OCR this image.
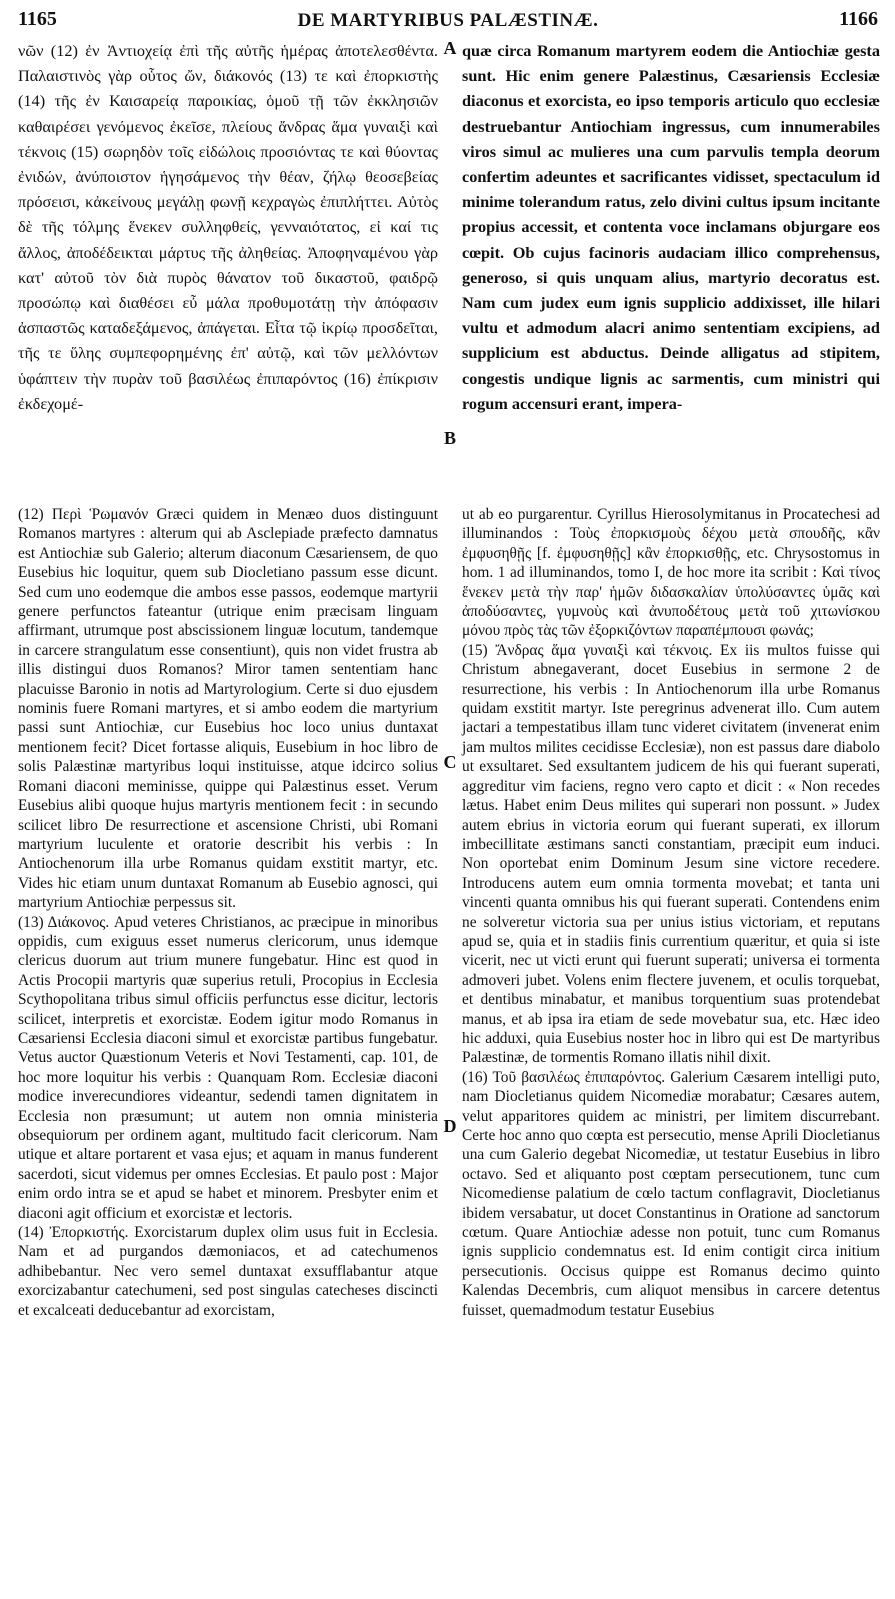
1165	DE MARTYRIBUS PALÆSTINÆ.	1166

νῶν (12) ἐν Ἀντιοχείᾳ ἐπὶ τῆς αὐτῆς ἡμέρας ἀποτελεσθέντα. Παλαιστινὸς γὰρ οὗτος ὤν, διάκονός (13) τε καὶ ἐπορκιστὴς (14) τῆς ἐν Καισαρείᾳ παροικίας, ὁμοῦ τῇ τῶν ἐκκλησιῶν καθαιρέσει γενόμενος ἐκεῖσε, πλείους ἄνδρας ἅμα γυναιξὶ καὶ τέκνοις (15) σωρηδὸν τοῖς εἰδώλοις προσιόντας τε καὶ θύοντας ἐνιδών, ἀνύποιστον ἡγησάμενος τὴν θέαν, ζήλῳ θεοσεβείας πρόσεισι, κἀκείνους μεγάλῃ φωνῇ κεχραγὼς ἐπιπλήττει. Αὐτὸς δὲ τῆς τόλμης ἕνεκεν συλληφθείς, γενναιότατος, εἰ καί τις ἄλλος, ἀποδέδεικται μάρτυς τῆς ἀληθείας. Ἀποφηναμένου γὰρ κατ' αὐτοῦ τὸν διὰ πυρὸς θάνατον τοῦ δικαστοῦ, φαιδρῷ προσώπῳ καὶ διαθέσει εὖ μάλα προθυμοτάτῃ τὴν ἀπόφασιν ἀσπαστῶς καταδεξάμενος, ἀπάγεται. Εἶτα τῷ ἰκρίῳ προσδεῖται, τῆς τε ὕλης συμπεφορημένης ἐπ' αὐτῷ, καὶ τῶν μελλόντων ὑφάπτειν τὴν πυρὰν τοῦ βασιλέως ἐπιπαρόντος (16) ἐπίκρισιν ἐκδεχομέ-

quæ circa Romanum martyrem eodem die Antiochiæ gesta sunt. Hic enim genere Palæstinus, Cæsariensis Ecclesiæ diaconus et exorcista, eo ipso temporis articulo quo ecclesiæ destruebantur Antiochiam ingressus, cum innumerabiles viros simul ac mulieres una cum parvulis templa deorum confertim adeuntes et sacrificantes vidisset, spectaculum id minime tolerandum ratus, zelo divini cultus ipsum incitante propius accessit, et contenta voce inclamans objurgare eos cœpit. Ob cujus facinoris audaciam illico comprehensus, generoso, si quis unquam alius, martyrio decoratus est. Nam cum judex eum ignis supplicio addixisset, ille hilari vultu et admodum alacri animo sententiam excipiens, ad supplicium est abductus. Deinde alligatus ad stipitem, congestis undique lignis ac sarmentis, cum ministri qui rogum accensuri erant, impera-

A
B
C
D

(12) Περὶ Ῥωμανόν Græci quidem in Menæo duos distinguunt Romanos martyres : alterum qui ab Asclepiade præfecto damnatus est Antiochiæ sub Galerio; alterum diaconum Cæsariensem, de quo Eusebius hic loquitur, quem sub Diocletiano passum esse dicunt. Sed cum uno eodemque die ambos esse passos, eodemque martyrii genere perfunctos fateantur (utrique enim præcisam linguam affirmant, utrumque post abscissionem linguæ locutum, tandemque in carcere strangulatum esse consentiunt), quis non videt frustra ab illis distingui duos Romanos? Miror tamen sententiam hanc placuisse Baronio in notis ad Martyrologium. Certe si duo ejusdem nominis fuere Romani martyres, et si ambo eodem die martyrium passi sunt Antiochiæ, cur Eusebius hoc loco unius duntaxat mentionem fecit? Dicet fortasse aliquis, Eusebium in hoc libro de solis Palæstinæ martyribus loqui instituisse, atque idcirco solius Romani diaconi meminisse, quippe qui Palæstinus esset. Verum Eusebius alibi quoque hujus martyris mentionem fecit : in secundo scilicet libro De resurrectione et ascensione Christi, ubi Romani martyrium luculente et oratorie describit his verbis : In Antiochenorum illa urbe Romanus quidam exstitit martyr, etc. Vides hic etiam unum duntaxat Romanum ab Eusebio agnosci, qui martyrium Antiochiæ perpessus sit.

(13) Διάκονος. Apud veteres Christianos, ac præcipue in minoribus oppidis, cum exiguus esset numerus clericorum, unus idemque clericus duorum aut trium munere fungebatur. Hinc est quod in Actis Procopii martyris quæ superius retuli, Procopius in Ecclesia Scythopolitana tribus simul officiis perfunctus esse dicitur, lectoris scilicet, interpretis et exorcistæ. Eodem igitur modo Romanus in Cæsariensi Ecclesia diaconi simul et exorcistæ partibus fungebatur. Vetus auctor Quæstionum Veteris et Novi Testamenti, cap. 101, de hoc more loquitur his verbis : Quanquam Rom. Ecclesiæ diaconi modice inverecundiores videantur, sedendi tamen dignitatem in Ecclesia non præsumunt; ut autem non omnia ministeria obsequiorum per ordinem agant, multitudo facit clericorum. Nam utique et altare portarent et vasa ejus; et aquam in manus funderent sacerdoti, sicut videmus per omnes Ecclesias. Et paulo post : Major enim ordo intra se et apud se habet et minorem. Presbyter enim et diaconi agit officium et exorcistæ et lectoris.

(14) Ἐπορκιστής. Exorcistarum duplex olim usus fuit in Ecclesia. Nam et ad purgandos dæmoniacos, et ad catechumenos adhibebantur. Nec vero semel duntaxat exsufflabantur atque exorcizabantur catechumeni, sed post singulas catecheses discincti et excalceati deducebantur ad exorcistam,

ut ab eo purgarentur. Cyrillus Hierosolymitanus in Procatechesi ad illuminandos : Τοὺς ἐπορκισμοὺς δέχου μετὰ σπουδῆς, κἂν ἐμφυσηθῇς [f. ἐμφυσηθῇς] κἂν ἐπορκισθῇς, etc. Chrysostomus in hom. 1 ad illuminandos, tomo I, de hoc more ita scribit : Καὶ τίνος ἕνεκεν μετὰ τὴν παρ' ἡμῶν διδασκαλίαν ὑπολύσαντες ὑμᾶς καὶ ἀποδύσαντες, γυμνοὺς καὶ ἀνυποδέτους μετὰ τοῦ χιτωνίσκου μόνου πρὸς τὰς τῶν ἐξορκιζόντων παραπέμπουσι φωνάς;

(15) Ἄνδρας ἅμα γυναιξὶ καὶ τέκνοις. Ex iis multos fuisse qui Christum abnegaverant, docet Eusebius in sermone 2 de resurrectione, his verbis : In Antiochenorum illa urbe Romanus quidam exstitit martyr. Iste peregrinus advenerat illo. Cum autem jactari a tempestatibus illam tunc videret civitatem (invenerat enim jam multos milites cecidisse Ecclesiæ), non est passus dare diabolo ut exsultaret. Sed exsultantem judicem de his qui fuerant superati, aggreditur vim faciens, regno vero capto et dicit : « Non recedes lætus. Habet enim Deus milites qui superari non possunt. » Judex autem ebrius in victoria eorum qui fuerant superati, ex illorum imbecillitate æstimans sancti constantiam, præcipit eum induci. Non oportebat enim Dominum Jesum sine victore recedere. Introducens autem eum omnia tormenta movebat; et tanta uni vincenti quanta omnibus his qui fuerant superati. Contendens enim ne solveretur victoria sua per unius istius victoriam, et reputans apud se, quia et in stadiis finis currentium quæritur, et quia si iste vicerit, nec ut victi erunt qui fuerunt superati; universa ei tormenta admoveri jubet. Volens enim flectere juvenem, et oculis torquebat, et dentibus minabatur, et manibus torquentium suas protendebat manus, et ab ipsa ira etiam de sede movebatur sua, etc. Hæc ideo hic adduxi, quia Eusebius noster hoc in libro qui est De martyribus Palæstinæ, de tormentis Romano illatis nihil dixit.

(16) Τοῦ βασιλέως ἐπιπαρόντος. Galerium Cæsarem intelligi puto, nam Diocletianus quidem Nicomediæ morabatur; Cæsares autem, velut apparitores quidem ac ministri, per limitem discurrebant. Certe hoc anno quo cœpta est persecutio, mense Aprili Diocletianus una cum Galerio degebat Nicomediæ, ut testatur Eusebius in libro octavo. Sed et aliquanto post cœptam persecutionem, tunc cum Nicomediense palatium de cœlo tactum conflagravit, Diocletianus ibidem versabatur, ut docet Constantinus in Oratione ad sanctorum cœtum. Quare Antiochiæ adesse non potuit, tunc cum Romanus ignis supplicio condemnatus est. Id enim contigit circa initium persecutionis. Occisus quippe est Romanus decimo quinto Kalendas Decembris, cum aliquot mensibus in carcere detentus fuisset, quemadmodum testatur Eusebius
